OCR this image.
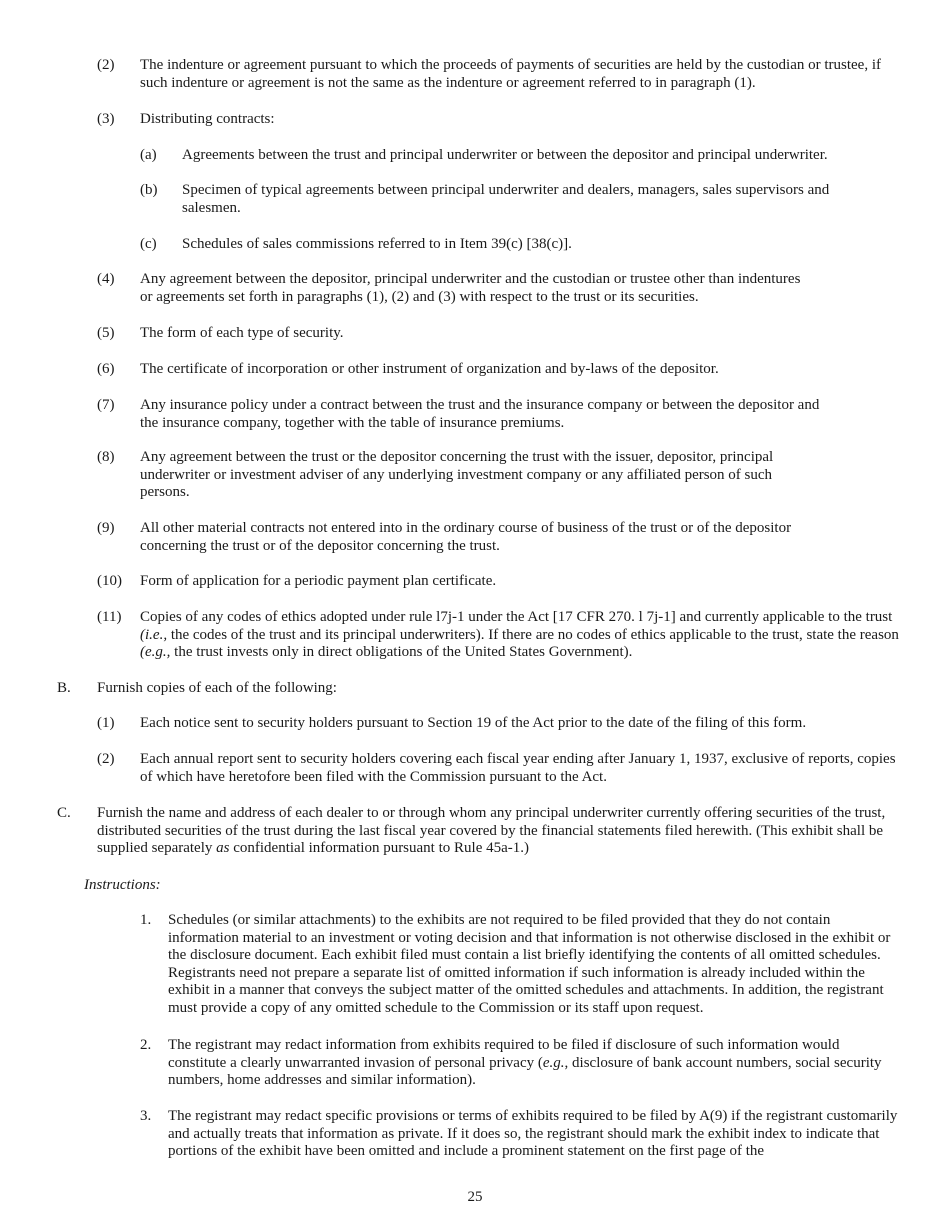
(2) The indenture or agreement pursuant to which the proceeds of payments of securities are held by the custodian or trustee, if such indenture or agreement is not the same as the indenture or agreement referred to in paragraph (1).
(3) Distributing contracts:
(a) Agreements between the trust and principal underwriter or between the depositor and principal underwriter.
(b) Specimen of typical agreements between principal underwriter and dealers, managers, sales supervisors and salesmen.
(c) Schedules of sales commissions referred to in Item 39(c) [38(c)].
(4) Any agreement between the depositor, principal underwriter and the custodian or trustee other than indentures
or agreements set forth in paragraphs (1), (2) and (3) with respect to the trust or its securities.
(5) The form of each type of security.
(6) The certificate of incorporation or other instrument of organization and by-laws of the depositor.
(7) Any insurance policy under a contract between the trust and the insurance company or between the depositor and
the insurance company, together with the table of insurance premiums.
(8) Any agreement between the trust or the depositor concerning the trust with the issuer, depositor, principal
underwriter or investment adviser of any underlying investment company or any affiliated person of such
persons.
(9) All other material contracts not entered into in the ordinary course of business of the trust or of the depositor
concerning the trust or of the depositor concerning the trust.
(10) Form of application for a periodic payment plan certificate.
(11) Copies of any codes of ethics adopted under rule l7j-1 under the Act [17 CFR 270. l 7j-1] and currently applicable to the trust (i.e., the codes of the trust and its principal underwriters). If there are no codes of ethics applicable to the trust, state the reason (e.g., the trust invests only in direct obligations of the United States Government).
B. Furnish copies of each of the following:
(1) Each notice sent to security holders pursuant to Section 19 of the Act prior to the date of the filing of this form.
(2) Each annual report sent to security holders covering each fiscal year ending after January 1, 1937, exclusive of reports, copies of which have heretofore been filed with the Commission pursuant to the Act.
C. Furnish the name and address of each dealer to or through whom any principal underwriter currently offering securities of the trust, distributed securities of the trust during the last fiscal year covered by the financial statements filed herewith. (This exhibit shall be supplied separately as confidential information pursuant to Rule 45a-1.)
Instructions:
1. Schedules (or similar attachments) to the exhibits are not required to be filed provided that they do not contain information material to an investment or voting decision and that information is not otherwise disclosed in the exhibit or the disclosure document. Each exhibit filed must contain a list briefly identifying the contents of all omitted schedules. Registrants need not prepare a separate list of omitted information if such information is already included within the exhibit in a manner that conveys the subject matter of the omitted schedules and attachments. In addition, the registrant must provide a copy of any omitted schedule to the Commission or its staff upon request.
2. The registrant may redact information from exhibits required to be filed if disclosure of such information would constitute a clearly unwarranted invasion of personal privacy (e.g., disclosure of bank account numbers, social security numbers, home addresses and similar information).
3. The registrant may redact specific provisions or terms of exhibits required to be filed by A(9) if the registrant customarily and actually treats that information as private. If it does so, the registrant should mark the exhibit index to indicate that portions of the exhibit have been omitted and include a prominent statement on the first page of the
25
